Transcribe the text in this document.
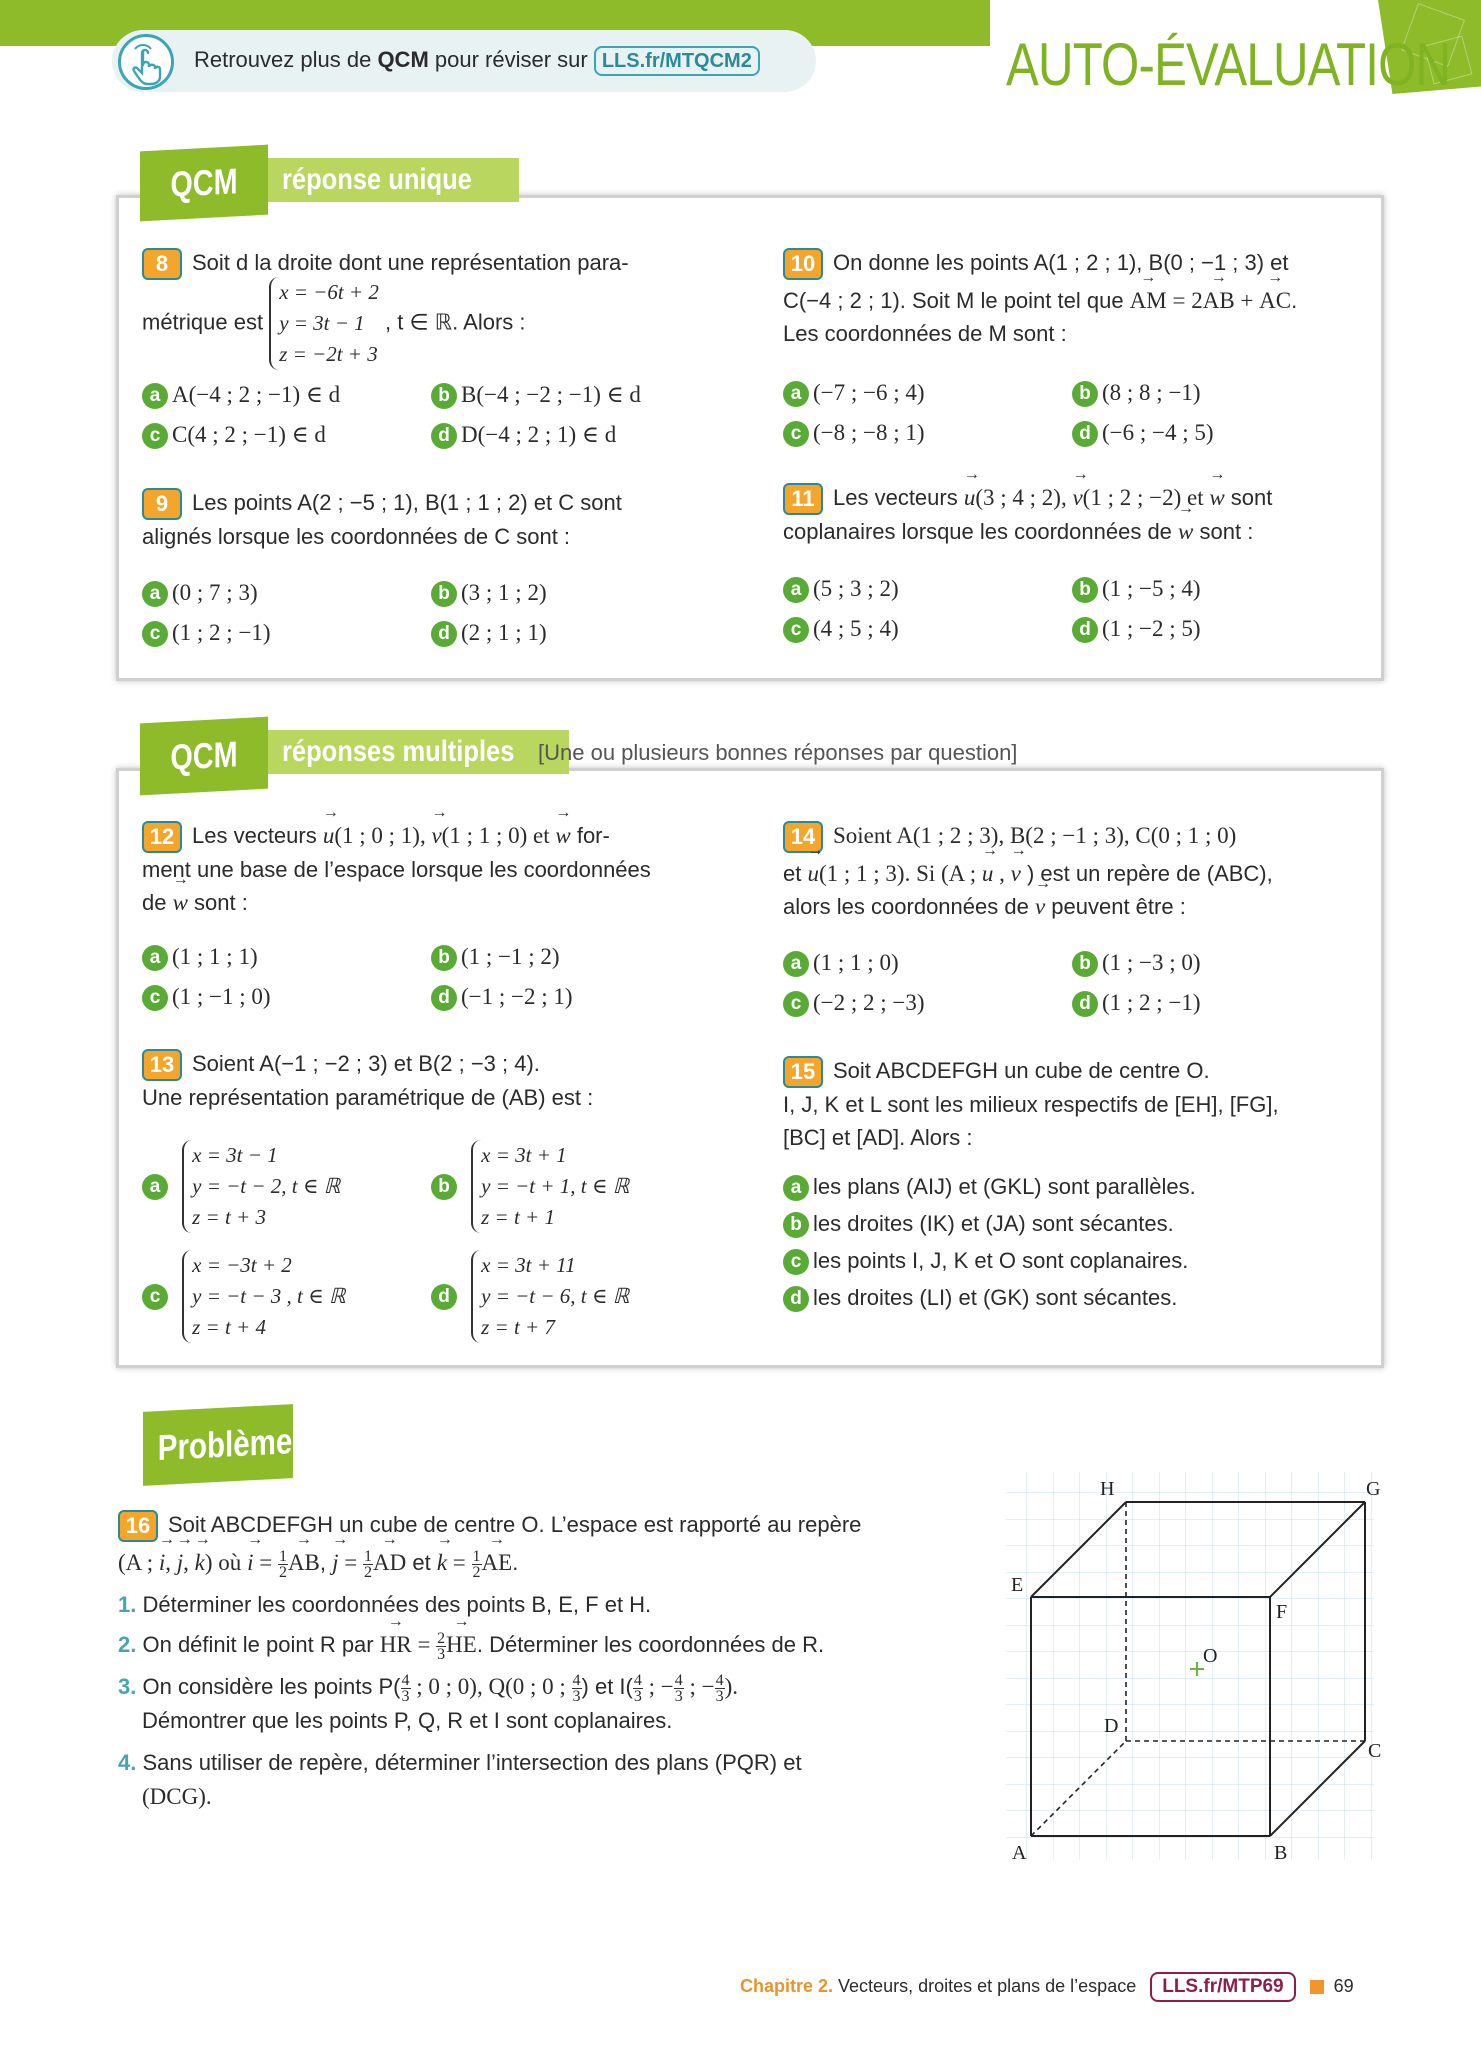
Retrouvez plus de QCM pour réviser sur LLS.fr/MTQCM2	AUTO-ÉVALUATION
QCM	réponse unique
8 Soit d la droite dont une représentation para-
métrique est
x = −6t + 2
y = 3t − 1
z = −2t + 3
, t ∈ ℝ. Alors :
a A(−4 ; 2 ; −1) ∈ d	b B(−4 ; −2 ; −1) ∈ d
c C(4 ; 2 ; −1) ∈ d	d D(−4 ; 2 ; 1) ∈ d
9 Les points A(2 ; −5 ; 1), B(1 ; 1 ; 2) et C sont
alignés lorsque les coordonnées de C sont :
a (0 ; 7 ; 3)	b (3 ; 1 ; 2)
c (1 ; 2 ; −1)	d (2 ; 1 ; 1)
10 On donne les points A(1 ; 2 ; 1), B(0 ; −1 ; 3) et
C(−4 ; 2 ; 1). Soit M le point tel que → AM = 2→ AB + → AC.
Les coordonnées de M sont :
a (−7 ; −6 ; 4)	b (8 ; 8 ; −1)
c (−8 ; −8 ; 1)	d (−6 ; −4 ; 5)
11 Les vecteurs → u(3 ; 4 ; 2), → v(1 ; 2 ; −2) et → w sont
coplanaires lorsque les coordonnées de → w sont :
a (5 ; 3 ; 2)	b (1 ; −5 ; 4)
c (4 ; 5 ; 4)	d (1 ; −2 ; 5)
QCM	réponses multiples	[Une ou plusieurs bonnes réponses par question]
12 Les vecteurs → u(1 ; 0 ; 1), → v(1 ; 1 ; 0) et → w for-
ment une base de l’espace lorsque les coordonnées
de → w sont :
a (1 ; 1 ; 1)	b (1 ; −1 ; 2)
c (1 ; −1 ; 0)	d (−1 ; −2 ; 1)
13 Soient A(−1 ; −2 ; 3) et B(2 ; −3 ; 4).
Une représentation paramétrique de (AB) est :
a
x = 3t − 1
y = −t − 2, t ∈ ℝ
z = t + 3
b
x = 3t + 1
y = −t + 1, t ∈ ℝ
z = t + 1
c
x = −3t + 2
y = −t − 3 , t ∈ ℝ
z = t + 4
d
x = 3t + 11
y = −t − 6, t ∈ ℝ
z = t + 7
14 Soient A(1 ; 2 ; 3), B(2 ; −1 ; 3), C(0 ; 1 ; 0)
et → u(1 ; 1 ; 3). Si (A ; → u , → v ) est un repère de (ABC),
alors les coordonnées de → v peuvent être :
a (1 ; 1 ; 0)	b (1 ; −3 ; 0)
c (−2 ; 2 ; −3)	d (1 ; 2 ; −1)
15 Soit ABCDEFGH un cube de centre O.
I, J, K et L sont les milieux respectifs de [EH], [FG],
[BC] et [AD]. Alors :
a les plans (AIJ) et (GKL) sont parallèles.
b les droites (IK) et (JA) sont sécantes.
c les points I, J, K et O sont coplanaires.
d les droites (LI) et (GK) sont sécantes.
Problème
16 Soit ABCDEFGH un cube de centre O. L’espace est rapporté au repère
(A ; → i, → j, → k) où → $i = \frac{1}{2}$ → AB, → $j = \frac{1}{2}$ → AD et → $k = \frac{1}{2}$ → AE.
1. Déterminer les coordonnées des points B, E, F et H.
2. On définit le point R par → HR = $\frac{2}{3}$ → HE. Déterminer les coordonnées de R.
3. On considère les points $P( \frac{4}{3}$ ; 0 ; 0), Q(0 ; 0 ; $\frac{4}{3}$ ) et $I( \frac{4}{3}$ ; − $\frac{4}{3}$ ; − $\frac{4}{3}$ ).
Démontrer que les points P, Q, R et I sont coplanaires.
4. Sans utiliser de repère, déterminer l’intersection des plans (PQR) et
(DCG).
A	B
C
D
E
F
G
H
O
Chapitre 2. Vecteurs, droites et plans de l’espace LLS.fr/MTP69	69
